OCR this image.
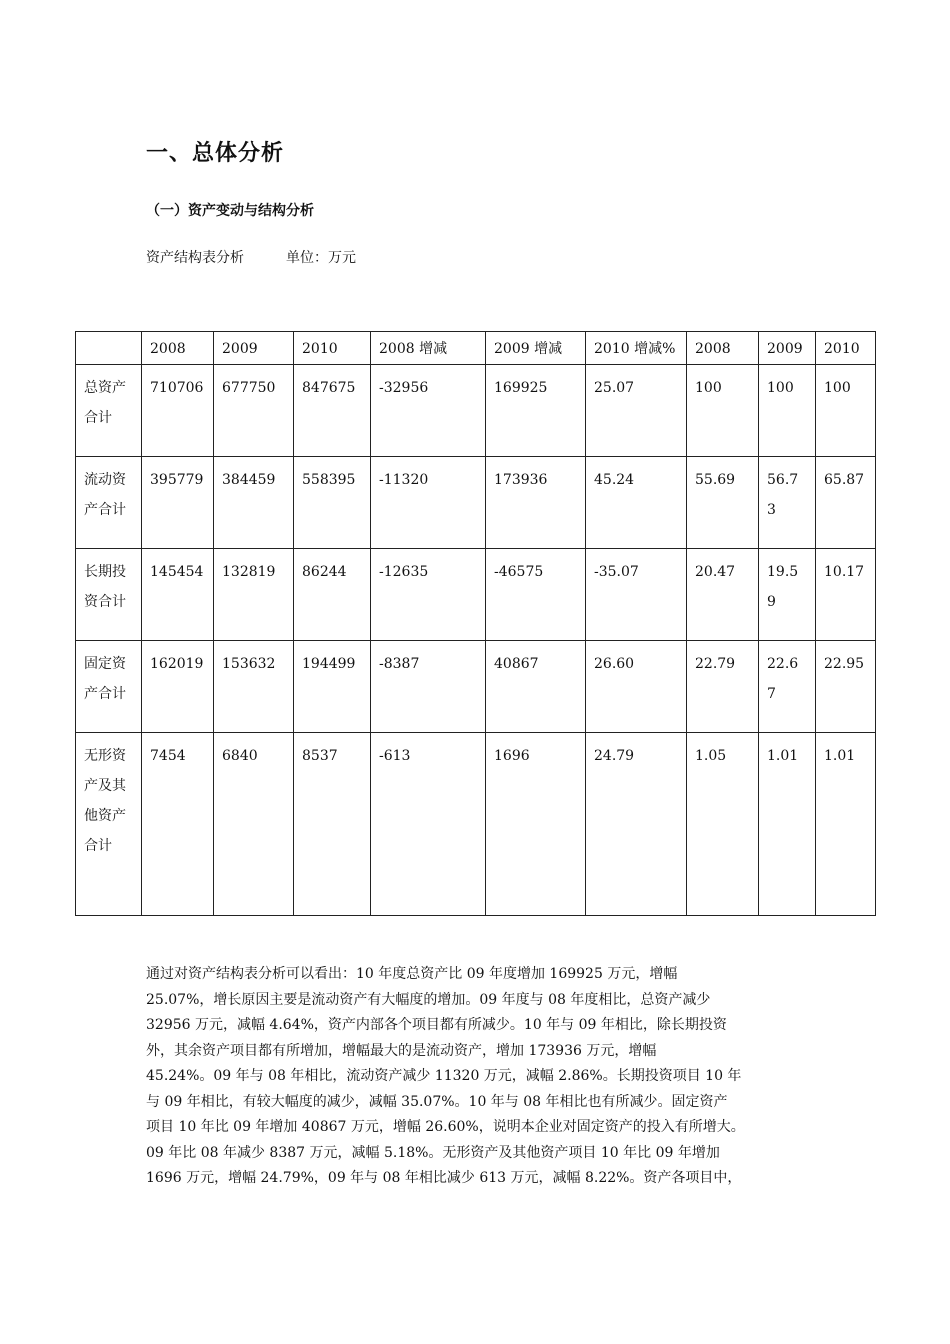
一、总体分析
（一）资产变动与结构分析
资产结构表分析	单位：万元
	2008	2009	2010	2008 增减	2009 增减	2010 增减%	2008	2009	2010
总资产合计	710706	677750	847675	-32956	169925	25.07	100	100	100
流动资产合计	395779	384459	558395	-11320	173936	45.24	55.69	56.73	65.87
长期投资合计	145454	132819	86244	-12635	-46575	-35.07	20.47	19.59	10.17
固定资产合计	162019	153632	194499	-8387	40867	26.60	22.79	22.67	22.95
无形资产及其他资产合计	7454	6840	8537	-613	1696	24.79	1.05	1.01	1.01
通过对资产结构表分析可以看出：10 年度总资产比 09 年度增加 169925 万元，增幅
25.07%，增长原因主要是流动资产有大幅度的增加。09 年度与 08 年度相比，总资产减少
32956 万元，减幅 4.64%，资产内部各个项目都有所减少。10 年与 09 年相比，除长期投资
外，其余资产项目都有所增加，增幅最大的是流动资产，增加 173936 万元，增幅
45.24%。09 年与 08 年相比，流动资产减少 11320 万元，减幅 2.86%。长期投资项目 10 年
与 09 年相比，有较大幅度的减少，减幅 35.07%。10 年与 08 年相比也有所减少。固定资产
项目 10 年比 09 年增加 40867 万元，增幅 26.60%，说明本企业对固定资产的投入有所增大。
09 年比 08 年减少 8387 万元，减幅 5.18%。无形资产及其他资产项目 10 年比 09 年增加
1696 万元，增幅 24.79%，09 年与 08 年相比减少 613 万元，减幅 8.22%。资产各项目中，
